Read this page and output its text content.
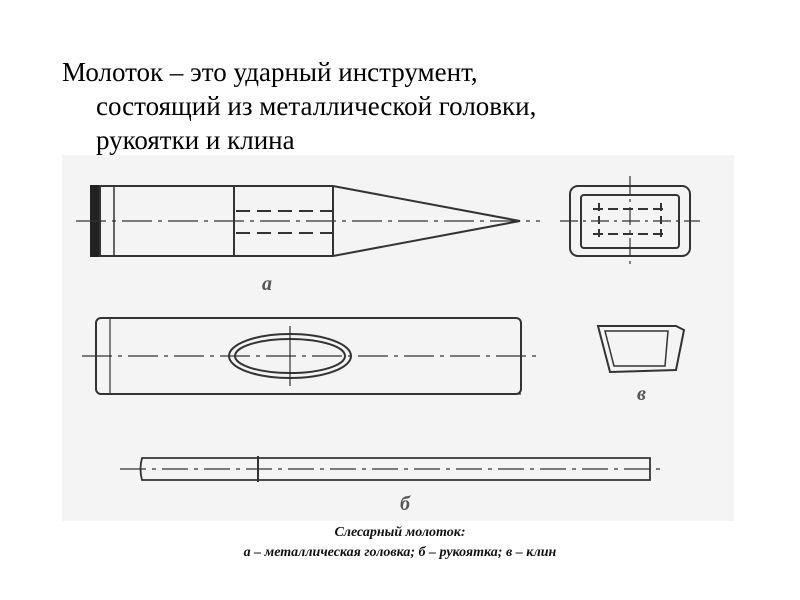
Молоток – это ударный инструмент,
состоящий из металлической головки,
рукоятки и клина
а
в
б
Слесарный молоток:
а – металлическая головка; б – рукоятка; в – клин
